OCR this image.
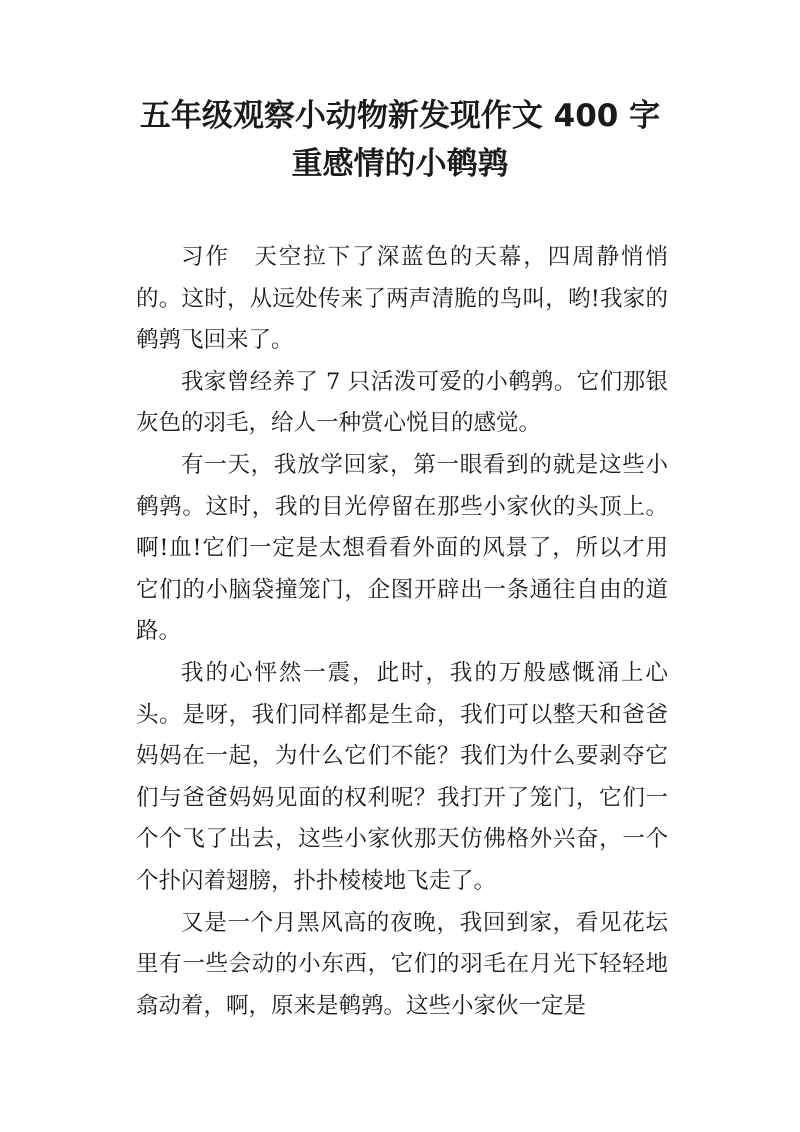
五年级观察小动物新发现作文 400 字
重感情的小鹌鹑

习作　天空拉下了深蓝色的天幕，四周静悄悄的。这时，从远处传来了两声清脆的鸟叫，哟!我家的鹌鹑飞回来了。

我家曾经养了 7 只活泼可爱的小鹌鹑。它们那银灰色的羽毛，给人一种赏心悦目的感觉。

有一天，我放学回家，第一眼看到的就是这些小鹌鹑。这时，我的目光停留在那些小家伙的头顶上。啊!血!它们一定是太想看看外面的风景了，所以才用它们的小脑袋撞笼门，企图开辟出一条通往自由的道路。

我的心怦然一震，此时，我的万般感慨涌上心头。是呀，我们同样都是生命，我们可以整天和爸爸妈妈在一起，为什么它们不能？我们为什么要剥夺它们与爸爸妈妈见面的权利呢？我打开了笼门，它们一个个飞了出去，这些小家伙那天仿佛格外兴奋，一个个扑闪着翅膀，扑扑棱棱地飞走了。

又是一个月黑风高的夜晚，我回到家，看见花坛里有一些会动的小东西，它们的羽毛在月光下轻轻地翕动着，啊，原来是鹌鹑。这些小家伙一定是
